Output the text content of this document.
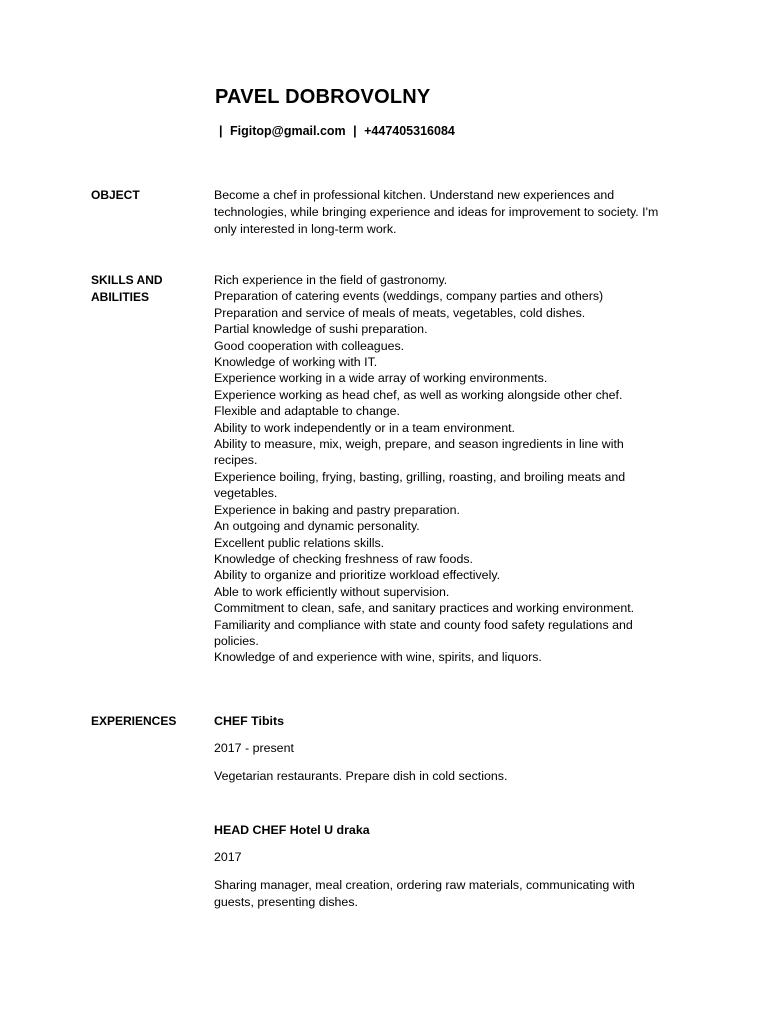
PAVEL DOBROVOLNY
| Figitop@gmail.com | +447405316084
OBJECT	Become a chef in professional kitchen. Understand new experiences and technologies, while bringing experience and ideas for improvement to society. I'm only interested in long-term work.
SKILLS AND
ABILITIES
Rich experience in the field of gastronomy.
Preparation of catering events (weddings, company parties and others)
Preparation and service of meals of meats, vegetables, cold dishes.
Partial knowledge of sushi preparation.
Good cooperation with colleagues.
Knowledge of working with IT.
Experience working in a wide array of working environments.
Experience working as head chef, as well as working alongside other chef.
Flexible and adaptable to change.
Ability to work independently or in a team environment.
Ability to measure, mix, weigh, prepare, and season ingredients in line with recipes.
Experience boiling, frying, basting, grilling, roasting, and broiling meats and vegetables.
Experience in baking and pastry preparation.
An outgoing and dynamic personality.
Excellent public relations skills.
Knowledge of checking freshness of raw foods.
Ability to organize and prioritize workload effectively.
Able to work efficiently without supervision.
Commitment to clean, safe, and sanitary practices and working environment.
Familiarity and compliance with state and county food safety regulations and policies.
Knowledge of and experience with wine, spirits, and liquors.
EXPERIENCES	CHEF Tibits
2017 - present
Vegetarian restaurants. Prepare dish in cold sections.
HEAD CHEF Hotel U draka
2017
Sharing manager, meal creation, ordering raw materials, communicating with guests, presenting dishes.
